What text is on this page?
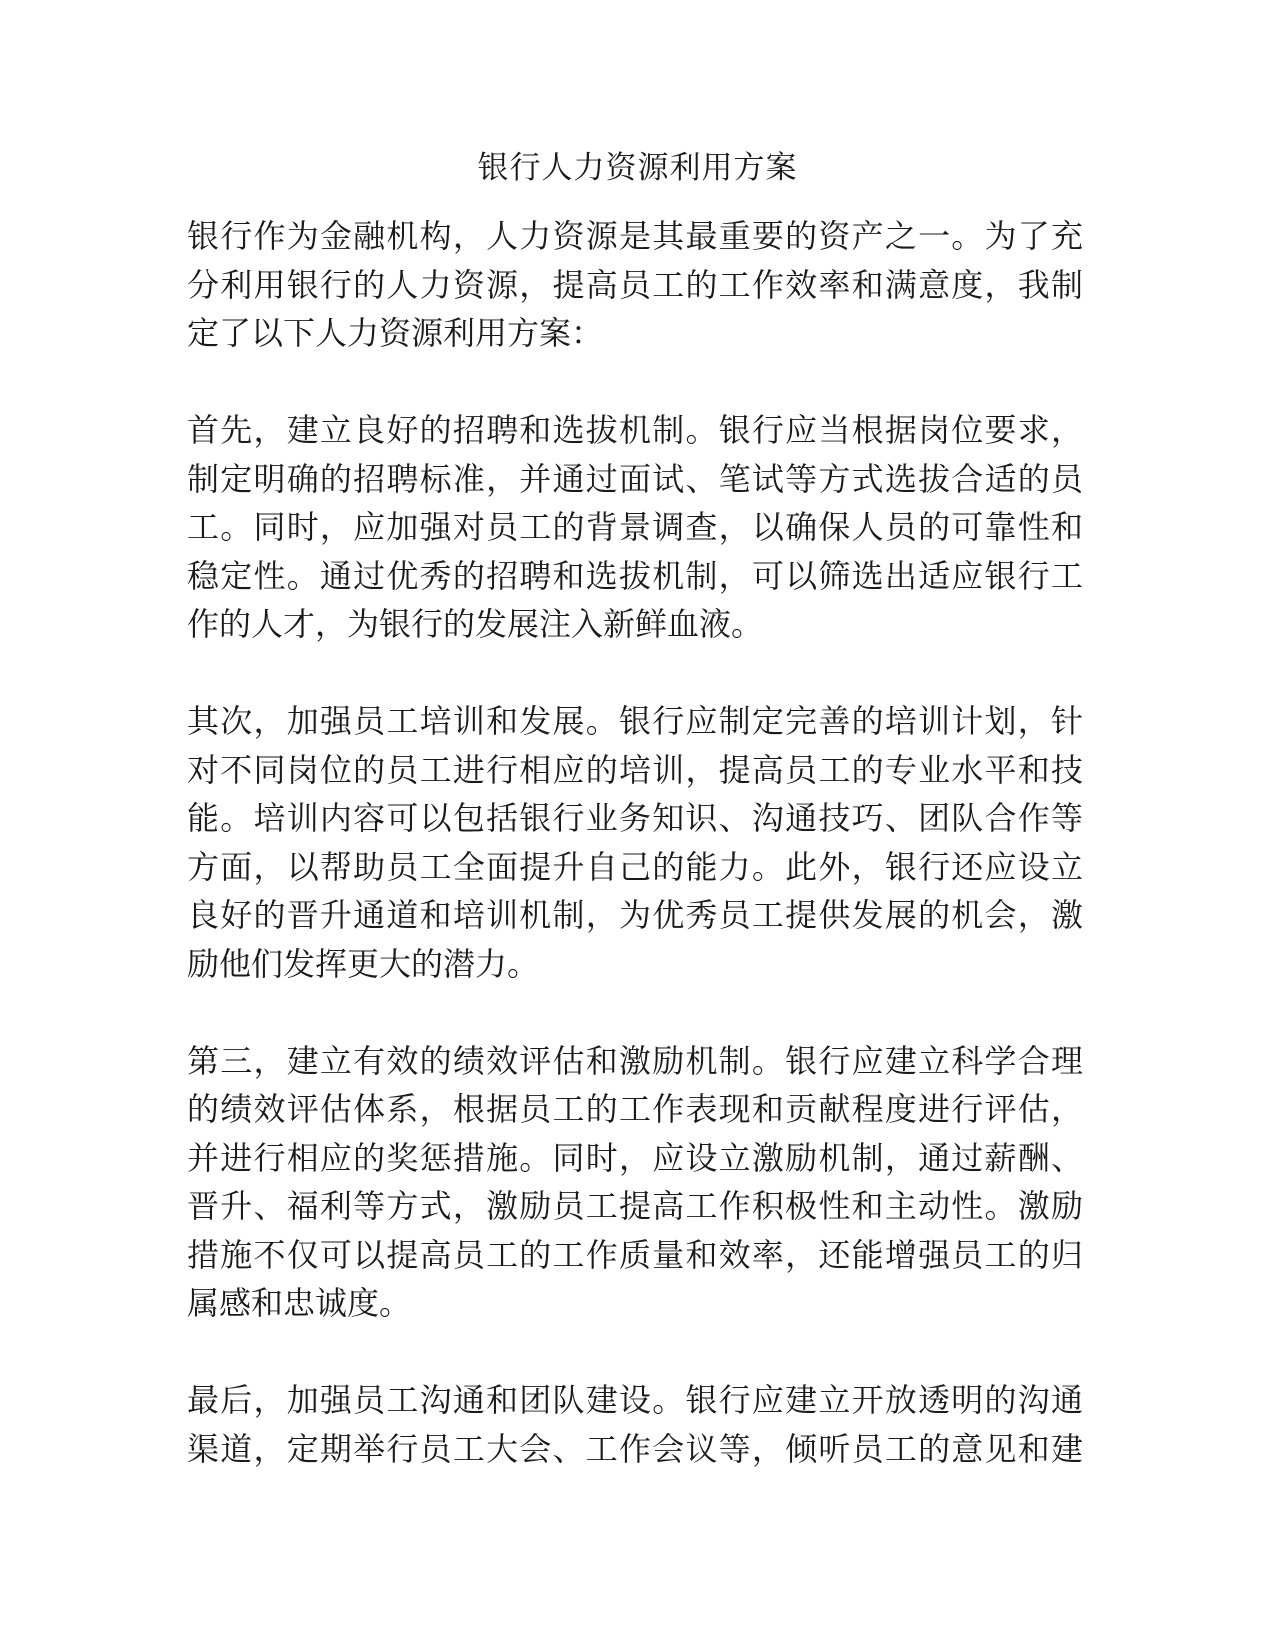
银行人力资源利用方案
银行作为金融机构，人力资源是其最重要的资产之一。为了充
分利用银行的人力资源，提高员工的工作效率和满意度，我制
定了以下人力资源利用方案：
首先，建立良好的招聘和选拔机制。银行应当根据岗位要求，
制定明确的招聘标准，并通过面试、笔试等方式选拔合适的员
工。同时，应加强对员工的背景调查，以确保人员的可靠性和
稳定性。通过优秀的招聘和选拔机制，可以筛选出适应银行工
作的人才，为银行的发展注入新鲜血液。
其次，加强员工培训和发展。银行应制定完善的培训计划，针
对不同岗位的员工进行相应的培训，提高员工的专业水平和技
能。培训内容可以包括银行业务知识、沟通技巧、团队合作等
方面，以帮助员工全面提升自己的能力。此外，银行还应设立
良好的晋升通道和培训机制，为优秀员工提供发展的机会，激
励他们发挥更大的潜力。
第三，建立有效的绩效评估和激励机制。银行应建立科学合理
的绩效评估体系，根据员工的工作表现和贡献程度进行评估，
并进行相应的奖惩措施。同时，应设立激励机制，通过薪酬、
晋升、福利等方式，激励员工提高工作积极性和主动性。激励
措施不仅可以提高员工的工作质量和效率，还能增强员工的归
属感和忠诚度。
最后，加强员工沟通和团队建设。银行应建立开放透明的沟通
渠道，定期举行员工大会、工作会议等，倾听员工的意见和建
